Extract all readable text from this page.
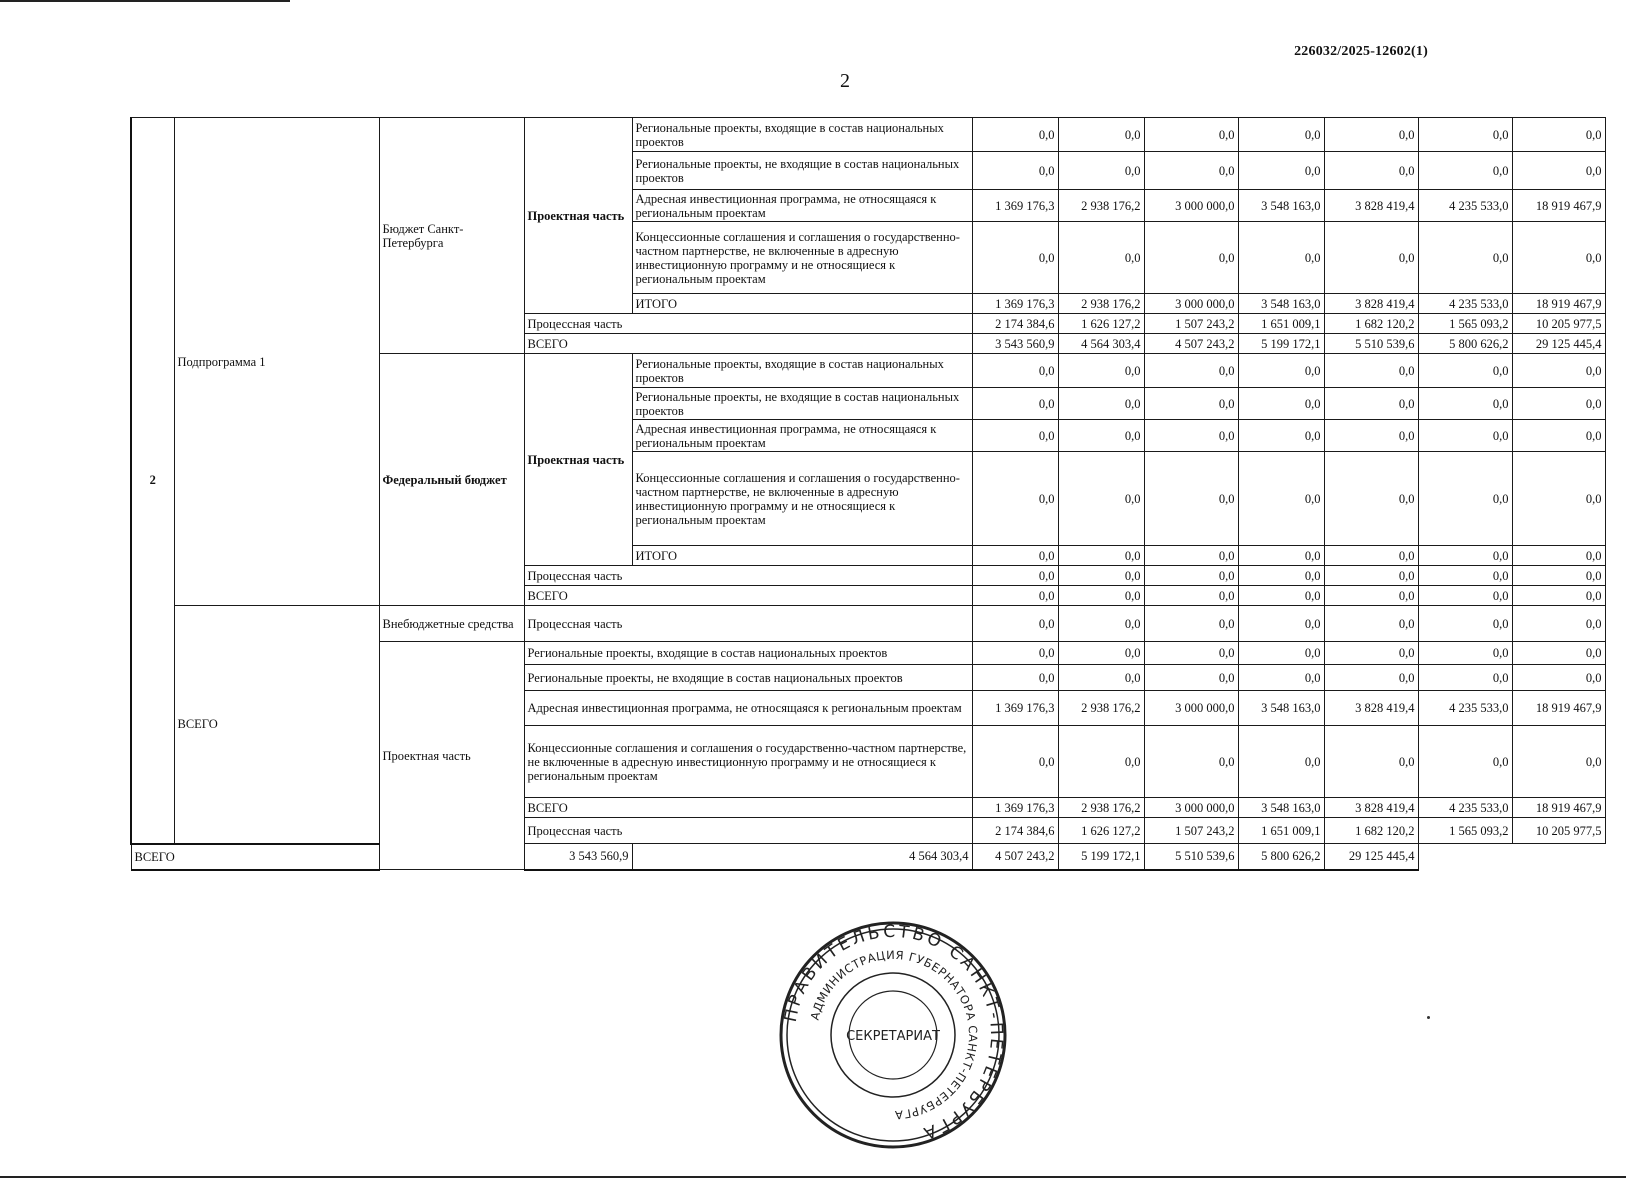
226032/2025-12602(1)
2
2	Подпрограмма 1	Бюджет Санкт-Петербурга	Проектная часть	Региональные проекты, входящие в состав национальных проектов	0,0	0,0	0,0	0,0	0,0	0,0	0,0
				Региональные проекты, не входящие в состав национальных проектов	0,0	0,0	0,0	0,0	0,0	0,0	0,0
				Адресная инвестиционная программа, не относящаяся к региональным проектам	1 369 176,3	2 938 176,2	3 000 000,0	3 548 163,0	3 828 419,4	4 235 533,0	18 919 467,9
				Концессионные соглашения и соглашения о государственно-частном партнерстве, не включенные в адресную инвестиционную программу и не относящиеся к региональным проектам	0,0	0,0	0,0	0,0	0,0	0,0	0,0
				ИТОГО	1 369 176,3	2 938 176,2	3 000 000,0	3 548 163,0	3 828 419,4	4 235 533,0	18 919 467,9
			Процессная часть		2 174 384,6	1 626 127,2	1 507 243,2	1 651 009,1	1 682 120,2	1 565 093,2	10 205 977,5
			ВСЕГО		3 543 560,9	4 564 303,4	4 507 243,2	5 199 172,1	5 510 539,6	5 800 626,2	29 125 445,4
		Федеральный бюджет	Проектная часть	Региональные проекты, входящие в состав национальных проектов	0,0	0,0	0,0	0,0	0,0	0,0	0,0
				Региональные проекты, не входящие в состав национальных проектов	0,0	0,0	0,0	0,0	0,0	0,0	0,0
				Адресная инвестиционная программа, не относящаяся к региональным проектам	0,0	0,0	0,0	0,0	0,0	0,0	0,0
				Концессионные соглашения и соглашения о государственно-частном партнерстве, не включенные в адресную инвестиционную программу и не относящиеся к региональным проектам	0,0	0,0	0,0	0,0	0,0	0,0	0,0
				ИТОГО	0,0	0,0	0,0	0,0	0,0	0,0	0,0
			Процессная часть		0,0	0,0	0,0	0,0	0,0	0,0	0,0
			ВСЕГО		0,0	0,0	0,0	0,0	0,0	0,0	0,0
	ВСЕГО	Внебюджетные средства	Процессная часть		0,0	0,0	0,0	0,0	0,0	0,0	0,0
		Проектная часть	Региональные проекты, входящие в состав национальных проектов		0,0	0,0	0,0	0,0	0,0	0,0	0,0
			Региональные проекты, не входящие в состав национальных проектов		0,0	0,0	0,0	0,0	0,0	0,0	0,0
			Адресная инвестиционная программа, не относящаяся к региональным проектам		1 369 176,3	2 938 176,2	3 000 000,0	3 548 163,0	3 828 419,4	4 235 533,0	18 919 467,9
			Концессионные соглашения и соглашения о государственно-частном партнерстве, не включенные в адресную инвестиционную программу и не относящиеся к региональным проектам		0,0	0,0	0,0	0,0	0,0	0,0	0,0
			ВСЕГО		1 369 176,3	2 938 176,2	3 000 000,0	3 548 163,0	3 828 419,4	4 235 533,0	18 919 467,9
			Процессная часть		2 174 384,6	1 626 127,2	1 507 243,2	1 651 009,1	1 682 120,2	1 565 093,2	10 205 977,5
ВСЕГО			3 543 560,9	4 564 303,4	4 507 243,2	5 199 172,1	5 510 539,6	5 800 626,2	29 125 445,4		
ПРАВИТЕЛЬСТВО САНКТ-ПЕТЕРБУРГА
АДМИНИСТРАЦИЯ ГУБЕРНАТОРА САНКТ-ПЕТЕРБУРГА
СЕКРЕТАРИАТ
